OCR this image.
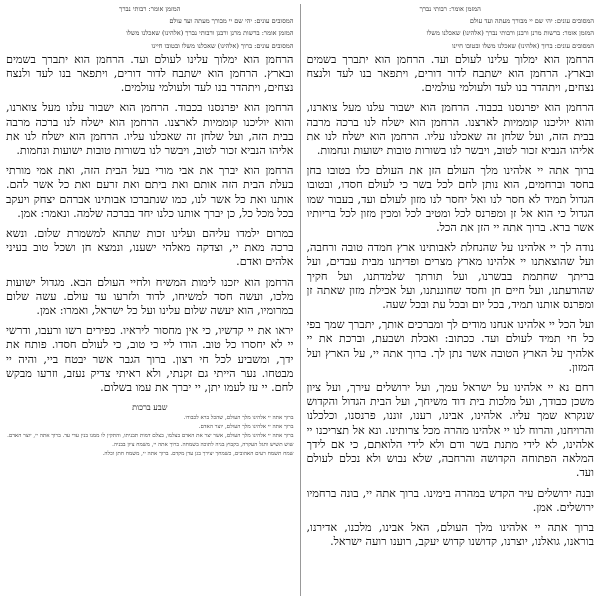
המזמן אומר: רבותי נברך
המסובים עונים: יהי שם יי מבורך מעתה ועד עולם
המזמן אומר: ברשות מרנן ורבנן ורבותי נברך (אלהינו) שאכלנו משלו
המסובים עונים: ברוך (אלהינו) שאכלנו משלו ובטובו חיינו

הרחמן הוא ימלוך עלינו לעולם ועד. הרחמן הוא יתברך בשמים ובארץ. הרחמן הוא ישתבח לדור דורים, ויתפאר בנו לעד ולנצח נצחים, ויתהדר בנו לעד ולעולמי עולמים.

הרחמן הוא יפרנסנו בכבוד. הרחמן הוא ישבור עלנו מעל צוארנו, והוא יוליכנו קוממיות לארצנו. הרחמן הוא ישלח לנו ברכה מרבה בבית הזה, ועל שלחן זה שאכלנו עליו. הרחמן הוא ישלח לנו את אליהו הנביא זכור לטוב, ויבשר לנו בשורות טובות ישועות ונחמות.

ברוך אתה יי אלהינו מלך העולם הזן את העולם כלו בטובו בחן בחסד וברחמים, הוא נותן לחם לכל בשר כי לעולם חסדו, ובטובו הגדול תמיד לא חסר לנו ואל יחסר לנו מזון לעולם ועד, בעבור שמו הגדול כי הוא אל זן ומפרנס לכל ומטיב לכל ומכין מזון לכל בריותיו אשר ברא. ברוך אתה יי הזן את הכל.

נודה לך יי אלהינו על שהנחלת לאבותינו ארץ חמדה טובה ורחבה, ועל שהוצאתנו יי אלהינו מארץ מצרים ופדיתנו מבית עבדים, ועל בריתך שחתמת בבשרנו, ועל תורתך שלמדתנו, ועל חקיך שהודעתנו, ועל חיים חן וחסד שחוננתנו, ועל אכילת מזון שאתה זן ומפרנס אותנו תמיד, בכל יום ובכל עת ובכל שעה.

ועל הכל יי אלהינו אנחנו מודים לך ומברכים אותך, יתברך שמך בפי כל חי תמיד לעולם ועד. ככתוב: ואכלת ושבעת, וברכת את יי אלהיך על הארץ הטובה אשר נתן לך. ברוך אתה יי, על הארץ ועל המזון.

רחם נא יי אלהינו על ישראל עמך, ועל ירושלים עירך, ועל ציון משכן כבודך, ועל מלכות בית דוד משיחך, ועל הבית הגדול והקדוש שנקרא שמך עליו. אלהינו, אבינו, רענו, זוננו, פרנסנו, וכלכלנו והרויחנו, והרוח לנו יי אלהינו מהרה מכל צרותינו. ונא אל תצריכנו יי אלהינו, לא לידי מתנת בשר ודם ולא לידי הלואתם, כי אם לידך המלאה הפתוחה הקדושה והרחבה, שלא נבוש ולא נכלם לעולם ועד.

ובנה ירושלים עיר הקדש במהרה בימינו. ברוך אתה יי, בונה ברחמיו ירושלים. אמן.

ברוך אתה יי אלהינו מלך העולם, האל אבינו, מלכנו, אדירנו, בוראנו, גואלנו, יוצרנו, קדושנו קדוש יעקב, רוענו רועה ישראל.

המזמן אומר: רבותי נברך
המסובים עונים: יהי שם יי מבורך מעתה ועד עולם
המזמן אומר: ברשות מרנן ורבנן ורבותי נברך (אלהינו) שאכלנו משלו
המסובים עונים: ברוך (אלהינו) שאכלנו משלו ובטובו חיינו

הרחמן הוא ימלוך עלינו לעולם ועד. הרחמן הוא יתברך בשמים ובארץ. הרחמן הוא ישתבח לדור דורים, ויתפאר בנו לעד ולנצח נצחים, ויתהדר בנו לעד ולעולמי עולמים.

הרחמן הוא יפרנסנו בכבוד. הרחמן הוא ישבור עלנו מעל צוארנו, והוא יוליכנו קוממיות לארצנו. הרחמן הוא ישלח לנו ברכה מרבה בבית הזה, ועל שלחן זה שאכלנו עליו. הרחמן הוא ישלח לנו את אליהו הנביא זכור לטוב, ויבשר לנו בשורות טובות ישועות ונחמות.

הרחמן הוא יברך את אבי מורי בעל הבית הזה, ואת אמי מורתי בעלת הבית הזה אותם ואת ביתם ואת זרעם ואת כל אשר להם. אותנו ואת כל אשר לנו, כמו שנתברכו אבותינו אברהם יצחק ויעקב בכל מכל כל, כן יברך אותנו כלנו יחד בברכה שלמה. ונאמר: אמן.

במרום ילמדו עליהם ועלינו זכות שתהא למשמרת שלום. ונשא ברכה מאת יי, וצדקה מאלהי ישענו, ונמצא חן ושכל טוב בעיני אלהים ואדם.

הרחמן הוא יזכנו לימות המשיח ולחיי העולם הבא. מגדול ישועות מלכו, ועשה חסד למשיחו, לדוד ולזרעו עד עולם. עשה שלום במרומיו, הוא יעשה שלום עלינו ועל כל ישראל, ואמרו: אמן.

יראו את יי קדשיו, כי אין מחסור ליראיו. כפירים רשו ורעבו, ודרשי יי לא יחסרו כל טוב. הודו ליי כי טוב, כי לעולם חסדו. פותח את ידך, ומשביע לכל חי רצון. ברוך הגבר אשר יבטח ביי, והיה יי מבטחו. נער הייתי גם זקנתי, ולא ראיתי צדיק נעזב, וזרעו מבקש לחם. יי עז לעמו יתן, יי יברך את עמו בשלום.

שבע ברכות

ברוך אתה יי אלהינו מלך העולם, שהכל ברא לכבודו.

ברוך אתה יי אלהינו מלך העולם, יוצר האדם.

ברוך אתה יי אלהינו מלך העולם, אשר יצר את האדם בצלמו, בצלם דמות תבניתו, והתקין לו ממנו בנין עדי עד. ברוך אתה יי, יוצר האדם.

שוש תשיש ותגל העקרה, בקבוץ בניה לתוכה בשמחה. ברוך אתה יי, משמח ציון בבניה.

שמח תשמח רעים האהובים, כשמחך יצירך בגן עדן מקדם. ברוך אתה יי, משמח חתן וכלה.
